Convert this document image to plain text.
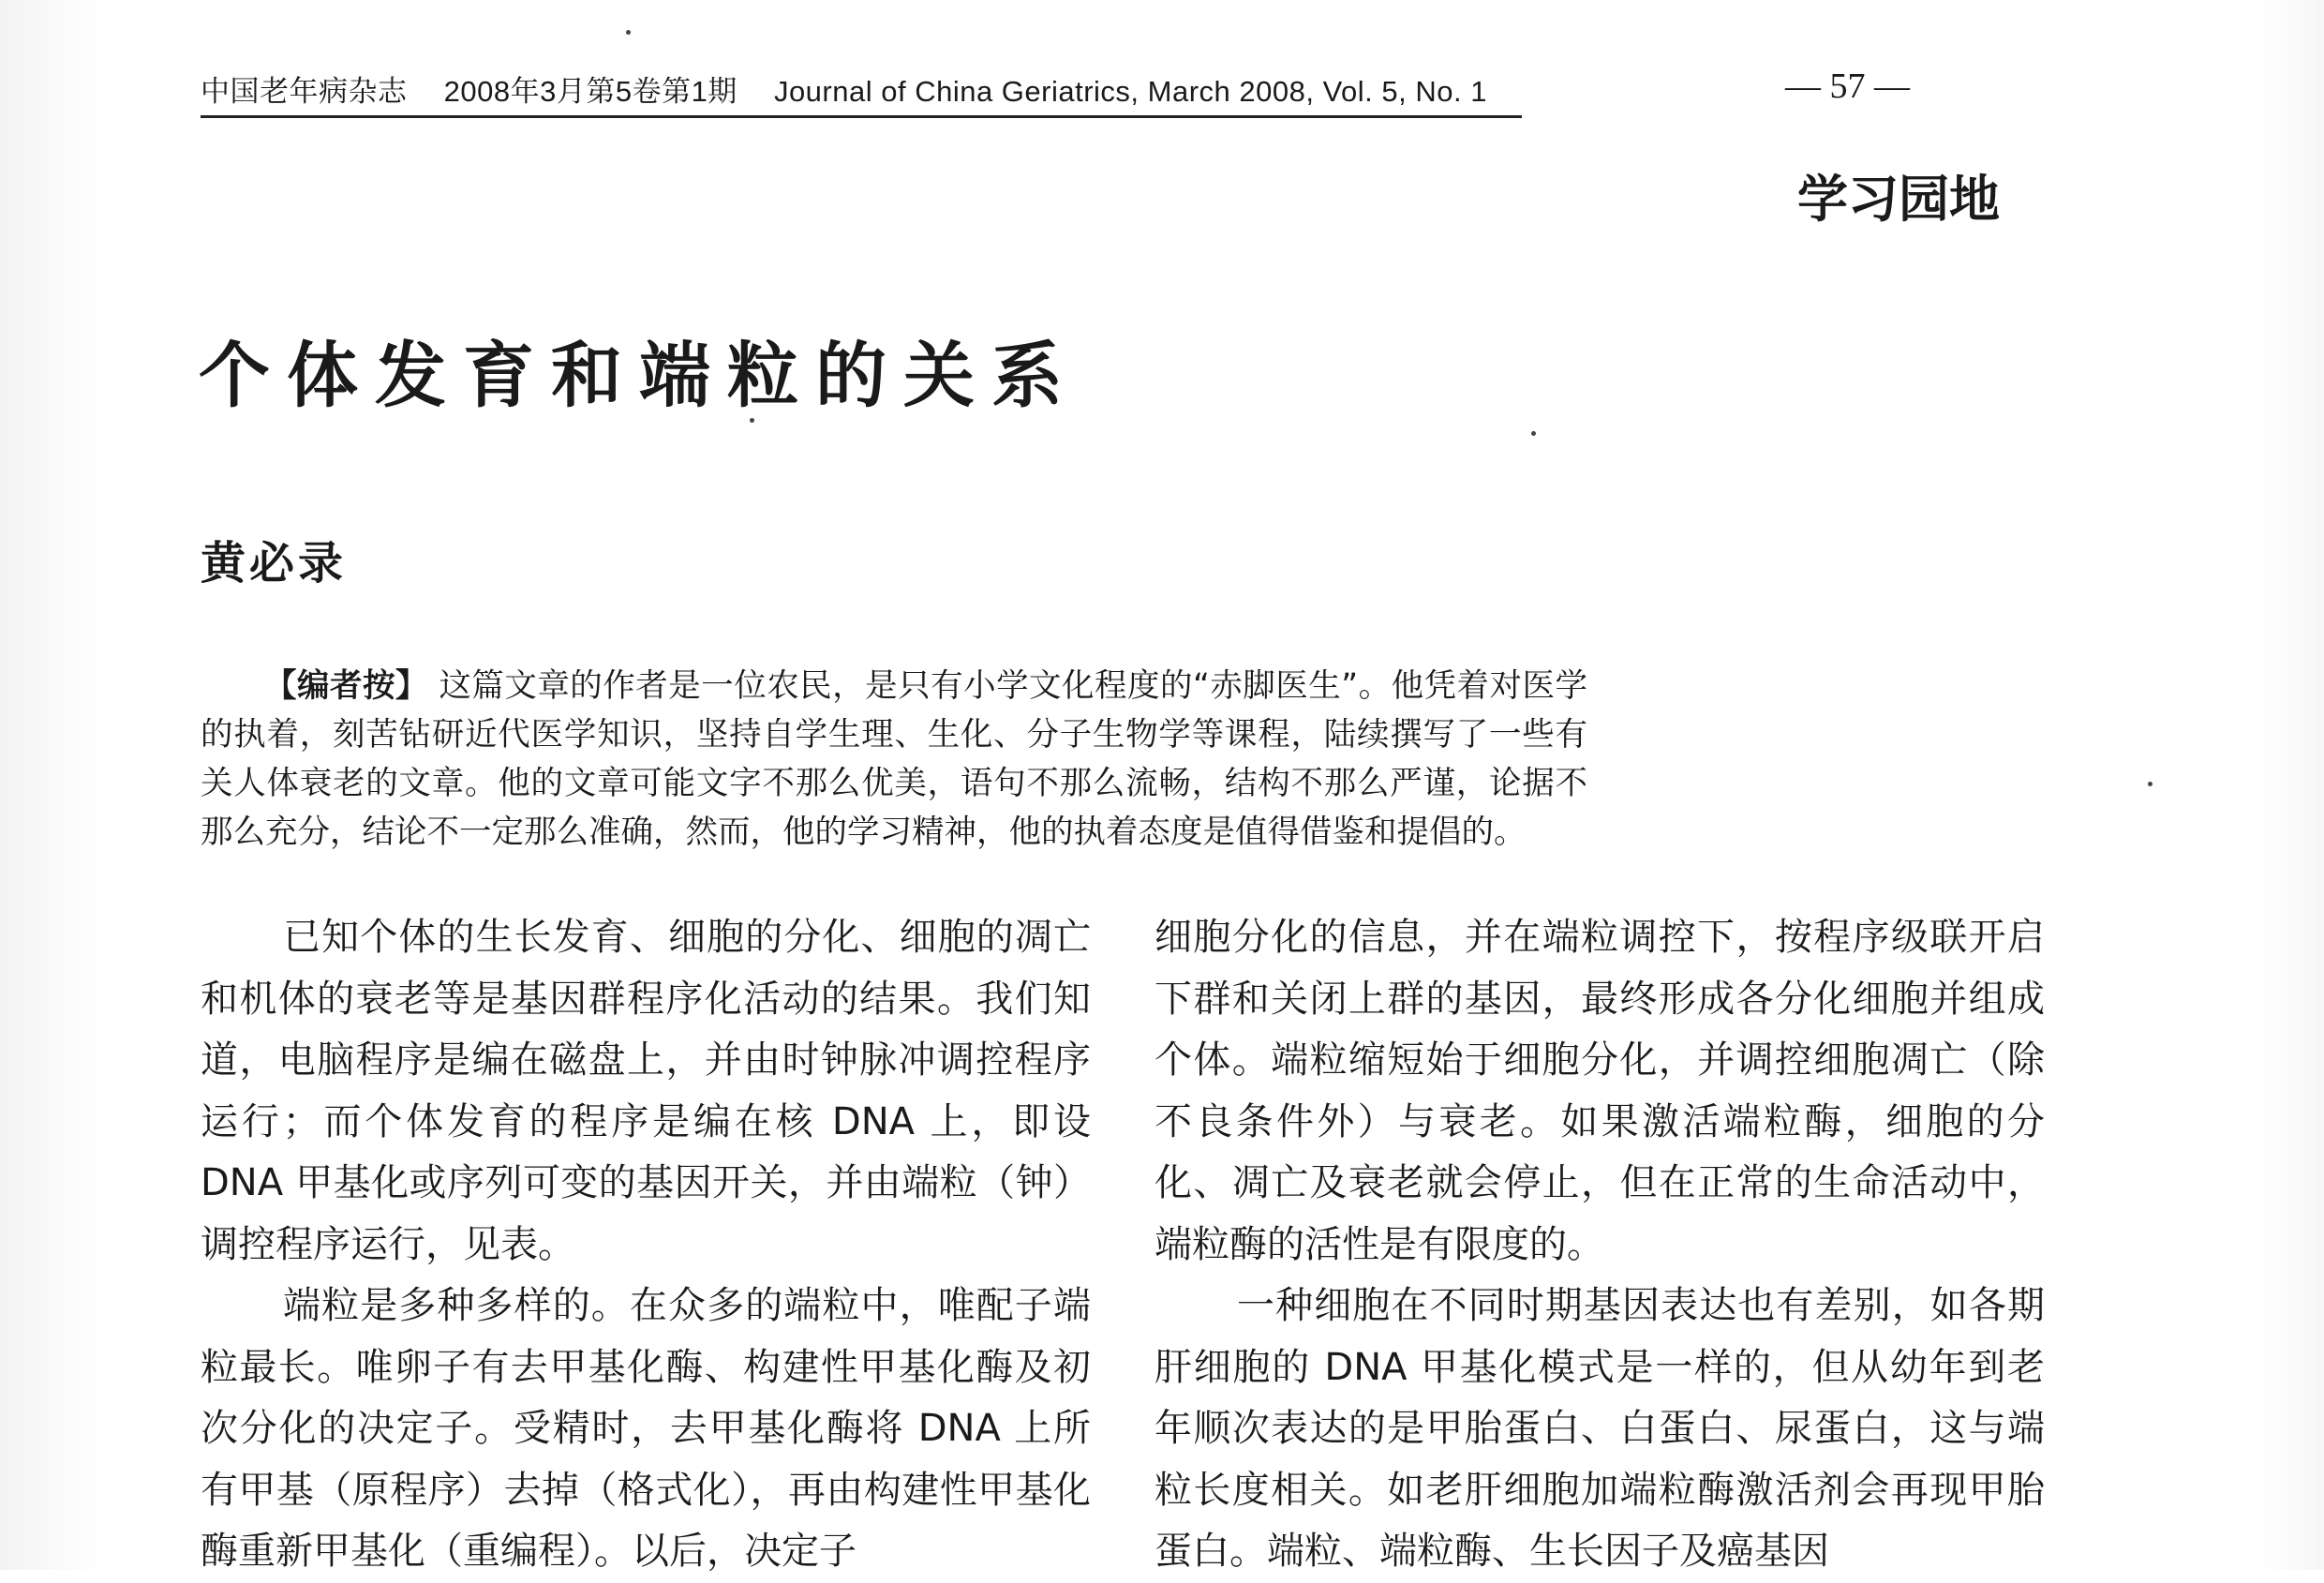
中国老年病杂志 2008年3月第5卷第1期 Journal of China Geriatrics, March 2008, Vol. 5, No. 1	— 57 —
学习园地
个体发育和端粒的关系
黄必录
【编者按】 这篇文章的作者是一位农民，是只有小学文化程度的“赤脚医生”。他凭着对医学的执着，刻苦钻研近代医学知识，坚持自学生理、生化、分子生物学等课程，陆续撰写了一些有关人体衰老的文章。他的文章可能文字不那么优美，语句不那么流畅，结构不那么严谨，论据不那么充分，结论不一定那么准确，然而，他的学习精神，他的执着态度是值得借鉴和提倡的。

已知个体的生长发育、细胞的分化、细胞的凋亡和机体的衰老等是基因群程序化活动的结果。我们知道，电脑程序是编在磁盘上，并由时钟脉冲调控程序运行；而个体发育的程序是编在核 DNA 上，即设 DNA 甲基化或序列可变的基因开关，并由端粒（钟）调控程序运行，见表。

端粒是多种多样的。在众多的端粒中，唯配子端粒最长。唯卵子有去甲基化酶、构建性甲基化酶及初次分化的决定子。受精时，去甲基化酶将 DNA 上所有甲基（原程序）去掉（格式化），再由构建性甲基化酶重新甲基化（重编程）。以后，决定子

细胞分化的信息，并在端粒调控下，按程序级联开启下群和关闭上群的基因，最终形成各分化细胞并组成个体。端粒缩短始于细胞分化，并调控细胞凋亡（除不良条件外）与衰老。如果激活端粒酶，细胞的分化、凋亡及衰老就会停止，但在正常的生命活动中，端粒酶的活性是有限度的。

一种细胞在不同时期基因表达也有差别，如各期肝细胞的 DNA 甲基化模式是一样的，但从幼年到老年顺次表达的是甲胎蛋白、白蛋白、尿蛋白，这与端粒长度相关。如老肝细胞加端粒酶激活剂会再现甲胎蛋白。端粒、端粒酶、生长因子及癌基因
